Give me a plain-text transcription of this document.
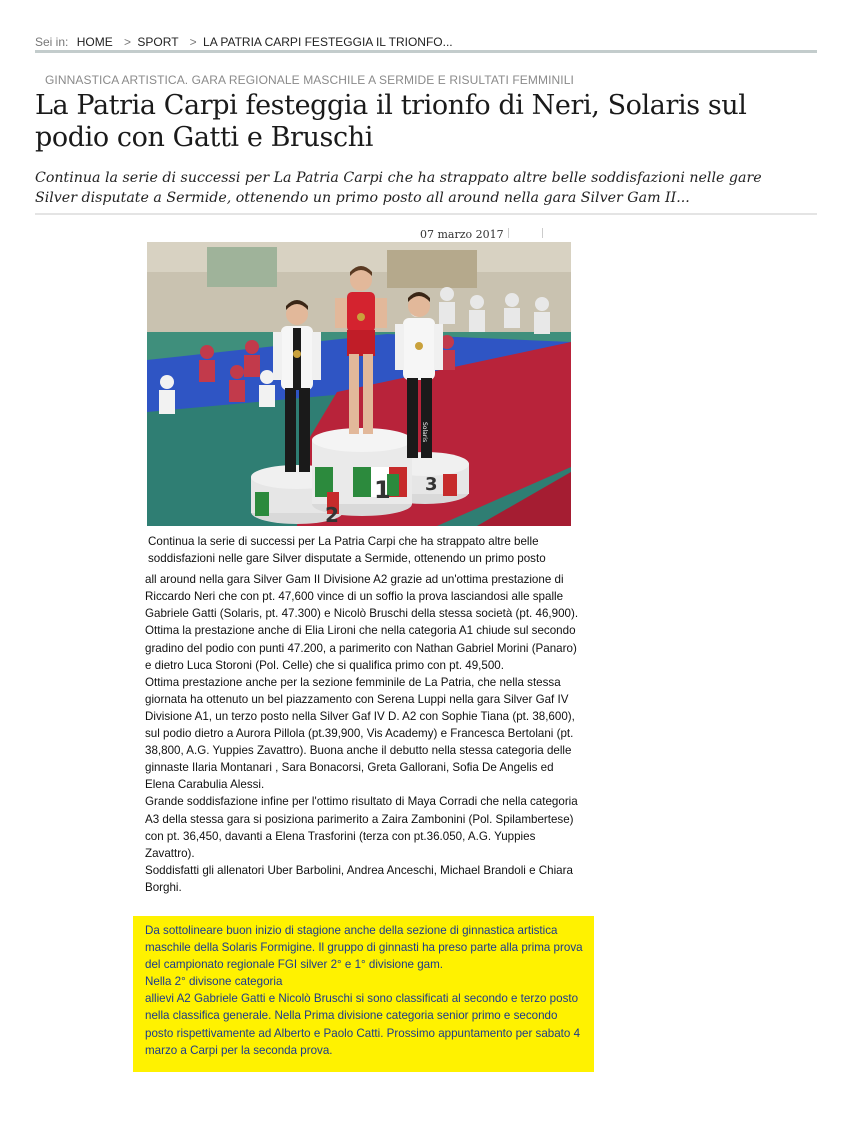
Sei in: HOME > SPORT > LA PATRIA CARPI FESTEGGIA IL TRIONFO...
GINNASTICA ARTISTICA. GARA REGIONALE MASCHILE A SERMIDE E RISULTATI FEMMINILI
La Patria Carpi festeggia il trionfo di Neri, Solaris sul podio con Gatti e Bruschi

Continua la serie di successi per La Patria Carpi che ha strappato altre belle soddisfazioni nelle gare Silver disputate a Sermide, ottenendo un primo posto all around nella gara Silver Gam II...

07 marzo 2017
2
1 3
Solaris

Continua la serie di successi per La Patria Carpi che ha strappato altre belle soddisfazioni nelle gare Silver disputate a Sermide, ottenendo un primo posto

all around nella gara Silver Gam II Divisione A2 grazie ad un'ottima prestazione di Riccardo Neri che con pt. 47,600 vince di un soffio la prova lasciandosi alle spalle Gabriele Gatti (Solaris, pt. 47.300) e Nicolò Bruschi della stessa società (pt. 46,900). Ottima la prestazione anche di Elia Lironi che nella categoria A1 chiude sul secondo gradino del podio con punti 47.200, a parimerito con Nathan Gabriel Morini (Panaro) e dietro Luca Storoni (Pol. Celle) che si qualifica primo con pt. 49,500.

Ottima prestazione anche per la sezione femminile de La Patria, che nella stessa giornata ha ottenuto un bel piazzamento con Serena Luppi nella gara Silver Gaf IV Divisione A1, un terzo posto nella Silver Gaf IV D. A2 con Sophie Tiana (pt. 38,600), sul podio dietro a Aurora Pillola (pt.39,900, Vis Academy) e Francesca Bertolani (pt. 38,800, A.G. Yuppies Zavattro). Buona anche il debutto nella stessa categoria delle ginnaste Ilaria Montanari , Sara Bonacorsi, Greta Gallorani, Sofia De Angelis ed Elena Carabulia Alessi.

Grande soddisfazione infine per l'ottimo risultato di Maya Corradi che nella categoria A3 della stessa gara si posiziona parimerito a Zaira Zambonini (Pol. Spilambertese) con pt. 36,450, davanti a Elena Trasforini (terza con pt.36.050, A.G. Yuppies Zavattro).

Soddisfatti gli allenatori Uber Barbolini, Andrea Anceschi, Michael Brandoli e Chiara Borghi.

Da sottolineare buon inizio di stagione anche della sezione di ginnastica artistica maschile della Solaris Formigine. Il gruppo di ginnasti ha preso parte alla prima prova del campionato regionale FGI silver 2° e 1° divisione gam.

Nella 2° divisone categoria

allievi A2 Gabriele Gatti e Nicolò Bruschi si sono classificati al secondo e terzo posto nella classifica generale. Nella Prima divisione categoria senior primo e secondo posto rispettivamente ad Alberto e Paolo Catti. Prossimo appuntamento per sabato 4 marzo a Carpi per la seconda prova.
